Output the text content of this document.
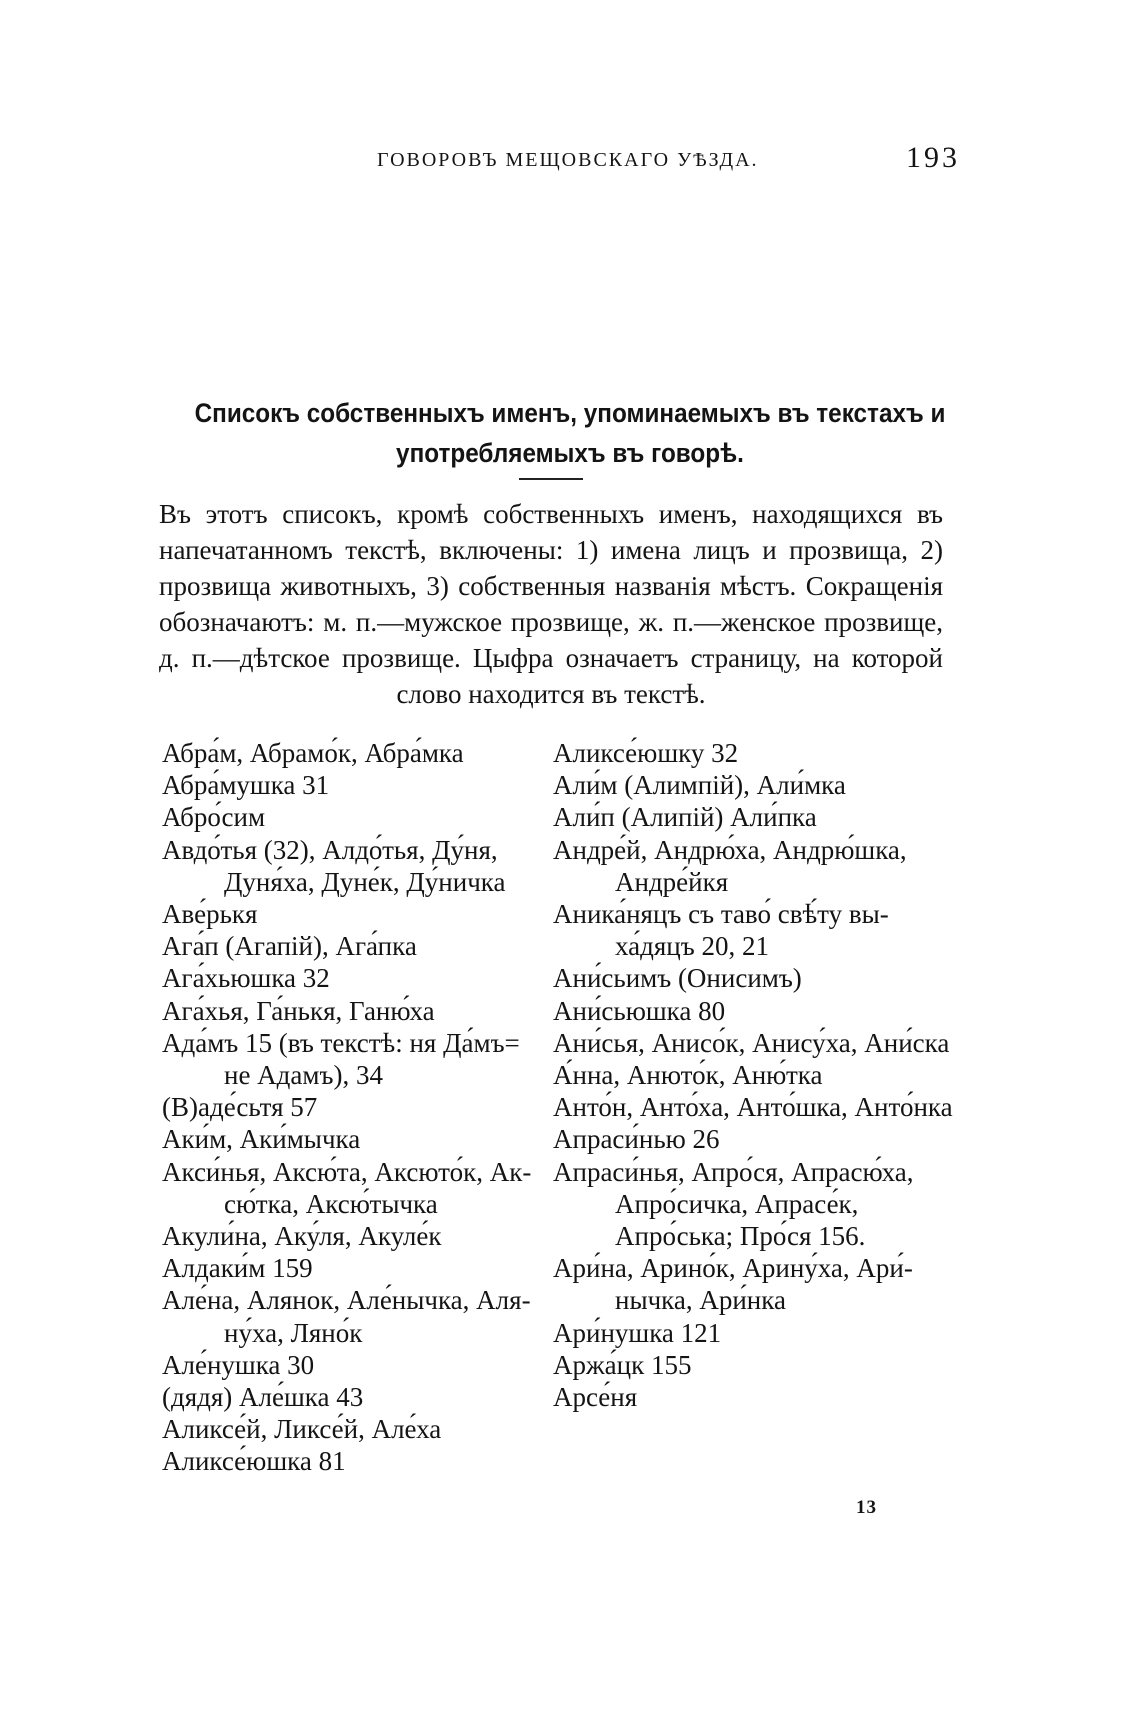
ГОВОРОВЪ МЕЩОВСКАГО УѢЗДА.	193
Списокъ собственныхъ именъ, упоминаемыхъ въ текстахъ и употребляемыхъ въ говорѣ.
Въ этотъ списокъ, кромѣ собственныхъ именъ, находящихся въ напечатанномъ текстѣ, включены: 1) имена лицъ и прозвища, 2) прозвища животныхъ, 3) собственныя названія мѣстъ. Сокращенія обозначаютъ: м. п.—мужское прозвище, ж. п.—женское прозвище, д. п.—дѣтское прозвище. Цыфра означаетъ страницу, на которой слово находится въ текстѣ.
Абра́м, Абрамо́к, Абра́мка
Абра́мушка 31
Абро́сим
Авдо́тья (32), Алдо́тья, Ду́ня, Дуня́ха, Дуне́к, Ду́ничка
Аве́рькя
Ага́п (Агапій), Ага́пка
Ага́хьюшка 32
Ага́хья, Га́нькя, Ганю́ха
Ада́мъ 15 (въ текстѣ: ня Да́мъ= не Адамъ), 34
(В)аде́сьтя 57
Аки́м, Аки́мычка
Акси́нья, Аксю́та, Аксюто́к, Аксю́тка, Аксю́тычка
Акули́на, Аку́ля, Акуле́к
Алдаки́м 159
Але́на, Алянок, Але́нычка, Аляну́ха, Ляно́к
Але́нушка 30
(дядя) Але́шка 43
Аликсе́й, Ликсе́й, Але́ха
Аликсе́юшка 81
Аликсе́юшку 32
Али́м (Алимпій), Али́мка
Али́п (Алипій) Али́пка
Андре́й, Андрю́ха, Андрю́шка, Андре́йкя
Аника́няцъ съ таво́ свѣ́ту выха́дяцъ 20, 21
Ани́сьимъ (Онисимъ)
Ани́сьюшка 80
Ани́сья, Анисо́к, Анису́ха, Ани́ска
А́нна, Анюто́к, Аню́тка
Анто́н, Анто́ха, Анто́шка, Анто́нка
Апраси́нью 26
Апраси́нья, Апро́ся, Апрасю́ха, Апро́сичка, Апрасе́к, Апро́ська; Про́ся 156.
Ари́на, Арино́к, Арину́ха, Ари́нычка, Ари́нка
Ари́нушка 121
Аржа́цк 155
Арсе́ня
13
